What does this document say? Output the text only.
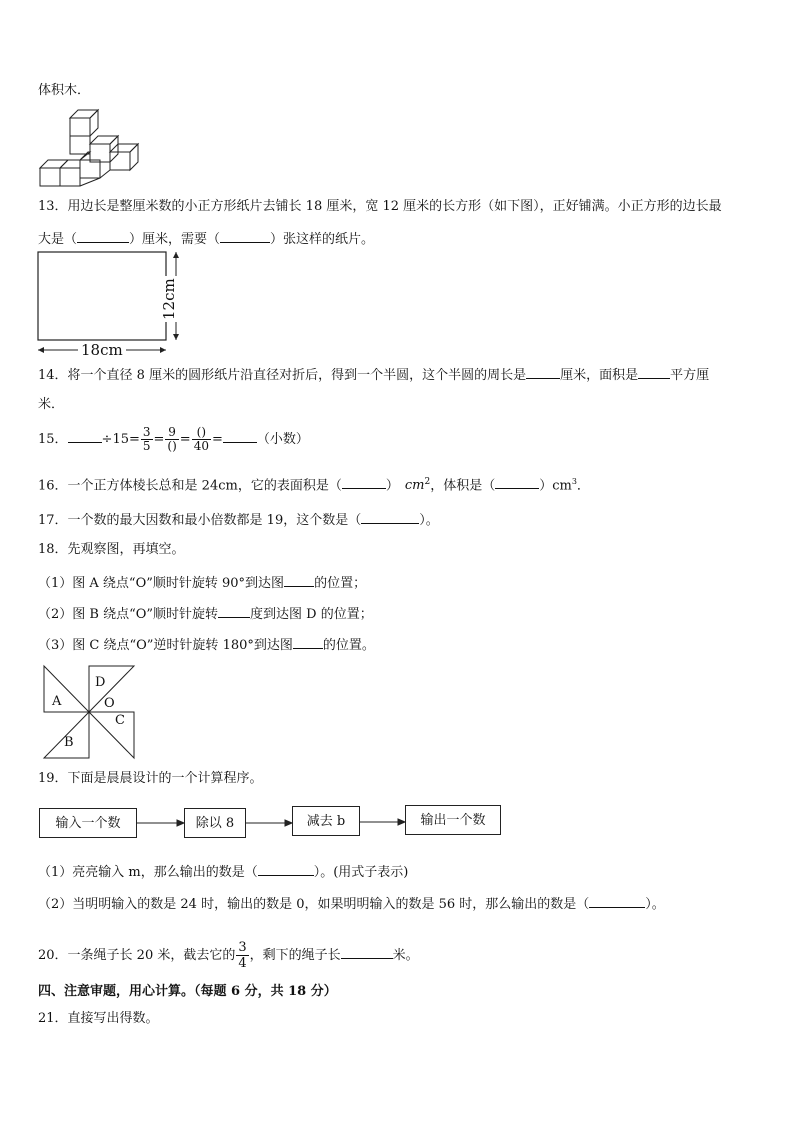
体积木．
13．用边长是整厘米数的小正方形纸片去铺长 18 厘米，宽 12 厘米的长方形（如下图），正好铺满。小正方形的边长最
大是（	）厘米，需要（	）张这样的纸片。
12cm
18cm
14．将一个直径 8 厘米的圆形纸片沿直径对折后，得到一个半圆，这个半圆的周长是	厘米，面积是 平方厘
米．
15．	$\div 15= \frac{3}{5} = \frac{9}{()} = \frac{()}{40}$ =	（小数）
16．一个正方体棱长总和是 24cm，它的表面积是（	） $cm^2$，体积是（	）$cm^3$．
17．一个数的最大因数和最小倍数都是 19，这个数是（	）。
18．先观察图，再填空。
（1）图 A 绕点“O”顺时针旋转 90°到达图 的位置；
（2）图 B 绕点“O”顺时针旋转 度到达图 D 的位置；
（3）图 C 绕点“O”逆时针旋转 180°到达图 的位置。
A
D
O
C
B
19．下面是晨晨设计的一个计算程序。
输入一个数	除以 8	减去 b	输出一个数
（1）亮亮输入 m，那么输出的数是（	）。(用式子表示)
（2）当明明输入的数是 24 时，输出的数是 0，如果明明输入的数是 56 时，那么输出的数是（	）。
20．一条绳子长 20 米，截去它的 $\frac{3}{4}$ ，剩下的绳子长	米。
四、注意审题，用心计算。（每题 6 分，共 18 分）
21．直接写出得数。
